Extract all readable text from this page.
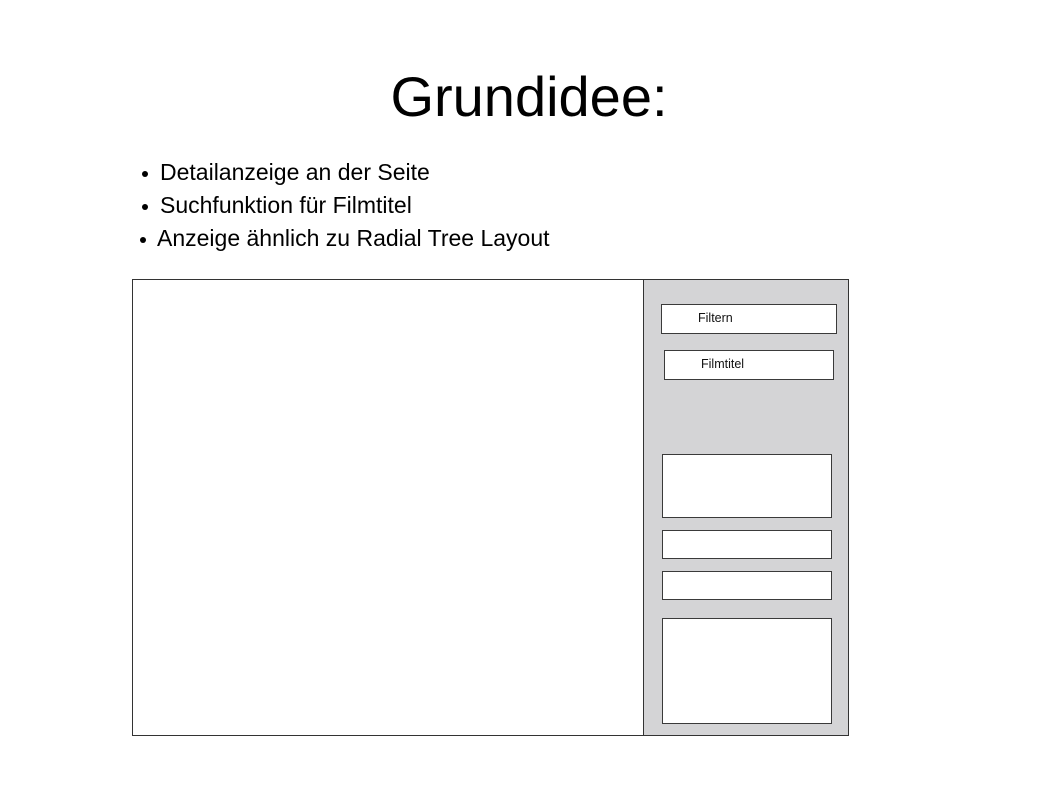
Grundidee:
Detailanzeige an der Seite
Suchfunktion für Filmtitel
Anzeige ähnlich zu Radial Tree Layout
Filtern
Filmtitel
